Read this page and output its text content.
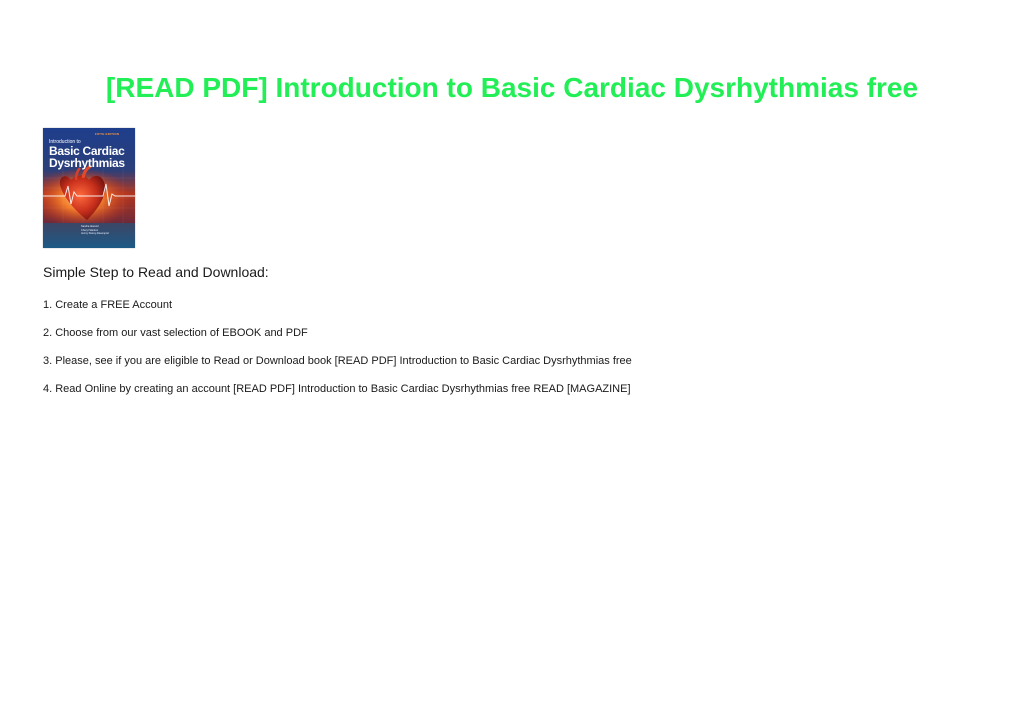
[READ PDF] Introduction to Basic Cardiac Dysrhythmias free
FIFTH EDITION
Introduction to
Basic Cardiac
Dysrhythmias
Sandra Atwood
Cheryl Stanton
Jenny Storey-Davenport

Simple Step to Read and Download:

1. Create a FREE Account
2. Choose from our vast selection of EBOOK and PDF
3. Please, see if you are eligible to Read or Download book [READ PDF] Introduction to Basic Cardiac Dysrhythmias free
4. Read Online by creating an account [READ PDF] Introduction to Basic Cardiac Dysrhythmias free READ [MAGAZINE]
